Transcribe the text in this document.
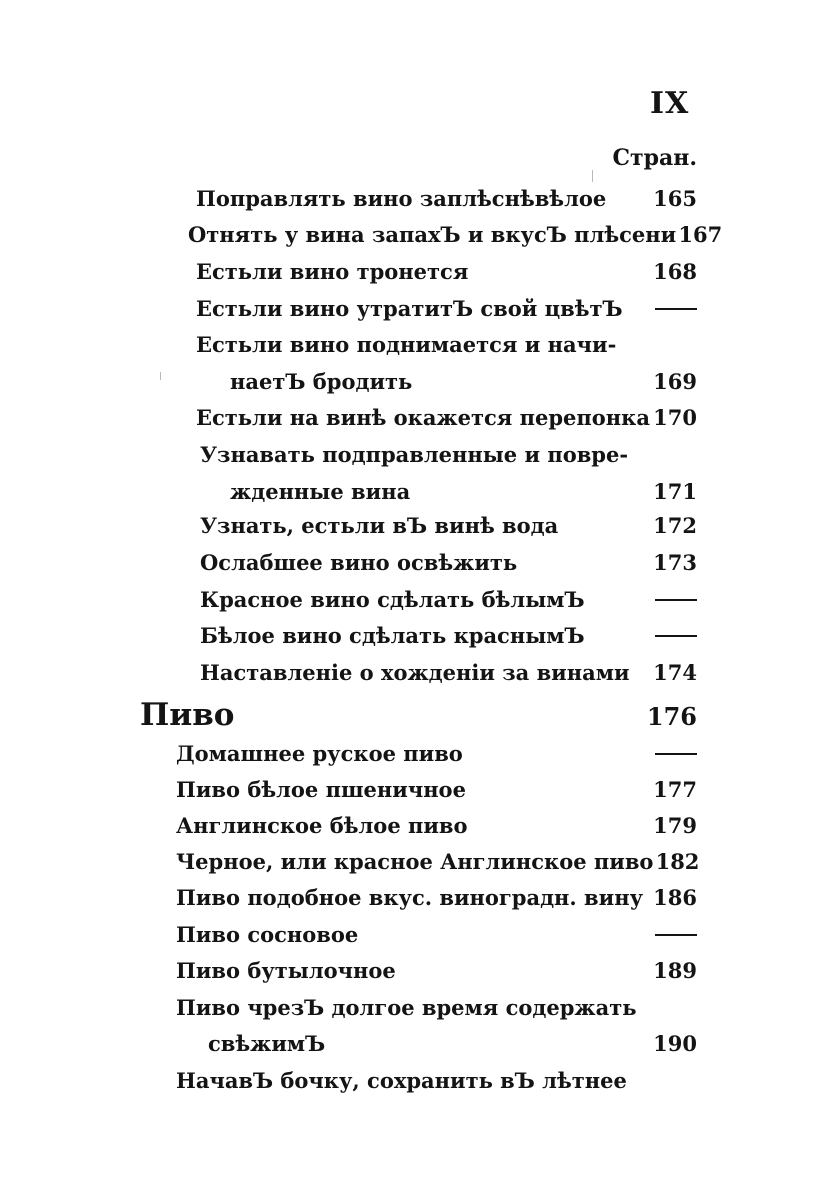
IX
Стран.
Поправлять вино заплѣснѣвѣлое 165
Отнять у вина запахЪ и вкусЪ плѣсени 167
Естьли вино тронется	168
Естьли вино утратитЪ свой цвѣтЪ
Естьли вино поднимается и начи-
наетЪ бродить	169
Естьли на винѣ окажется перепонка 170
Узнавать подправленные и повре-
жденные вина	171
Узнать, естьли вЪ винѣ вода	172
Ослабшее вино освѣжить	173
Красное вино сдѣлать бѣлымЪ
Бѣлое вино сдѣлать краснымЪ
Наставленіе о хожденіи за винами 174
Пиво	176
Домашнее руское пиво
Пиво бѣлое пшеничное	177
Англинское бѣлое пиво	179
Черное, или красное Англинское пиво 182
Пиво подобное вкус. виноградн. вину 186
Пиво сосновое
Пиво бутылочное	189
Пиво чрезЪ долгое время содержать
свѣжимЪ	190
НачавЪ бочку, сохранить вЪ лѣтнее
